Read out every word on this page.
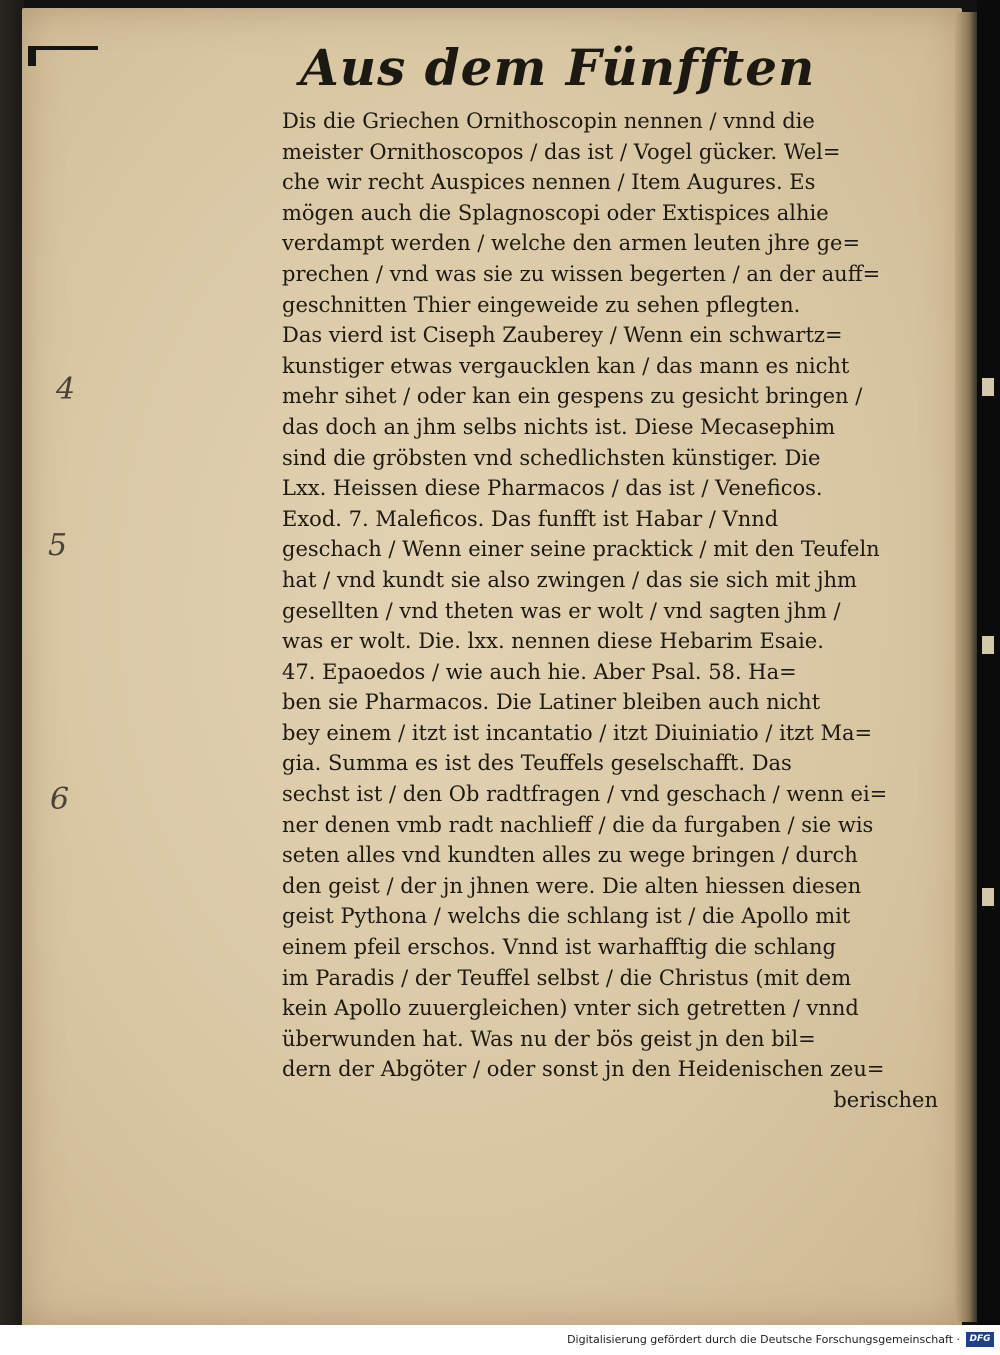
Aus dem Fünfften
Dis die Griechen Ornithoscopin nennen / vnnd die
meister Ornithoscopos / das ist / Vogel gücker. Wel=
che wir recht Auspices nennen / Item Augures. Es
mögen auch die Splagnoscopi oder Extispices alhie
verdampt werden / welche den armen leuten jhre ge=
prechen / vnd was sie zu wissen begerten / an der auff=
geschnitten Thier eingeweide zu sehen pflegten.
Das vierd ist Ciseph Zauberey / Wenn ein schwartz=
kunstiger etwas vergaucklen kan / das mann es nicht
mehr sihet / oder kan ein gespens zu gesicht bringen /
das doch an jhm selbs nichts ist. Diese Mecasephim
sind die gröbsten vnd schedlichsten künstiger. Die
Lxx. Heissen diese Pharmacos / das ist / Veneficos.
Exod. 7. Maleficos. Das funfft ist Habar / Vnnd
geschach / Wenn einer seine pracktick / mit den Teufeln
hat / vnd kundt sie also zwingen / das sie sich mit jhm
gesellten / vnd theten was er wolt / vnd sagten jhm /
was er wolt. Die. lxx. nennen diese Hebarim Esaie.
47. Epaoedos / wie auch hie. Aber Psal. 58. Ha=
ben sie Pharmacos. Die Latiner bleiben auch nicht
bey einem / itzt ist incantatio / itzt Diuiniatio / itzt Ma=
gia. Summa es ist des Teuffels geselschafft. Das
sechst ist / den Ob radtfragen / vnd geschach / wenn ei=
ner denen vmb radt nachlieff / die da furgaben / sie wis
seten alles vnd kundten alles zu wege bringen / durch
den geist / der jn jhnen were. Die alten hiessen diesen
geist Pythona / welchs die schlang ist / die Apollo mit
einem pfeil erschos. Vnnd ist warhafftig die schlang
im Paradis / der Teuffel selbst / die Christus (mit dem
kein Apollo zuuergleichen) vnter sich getretten / vnnd
überwunden hat. Was nu der bös geist jn den bil=
dern der Abgöter / oder sonst jn den Heidenischen zeu=
berischen
4
5
6
Digitalisierung gefördert durch die Deutsche Forschungsgemeinschaft ·	DFG
